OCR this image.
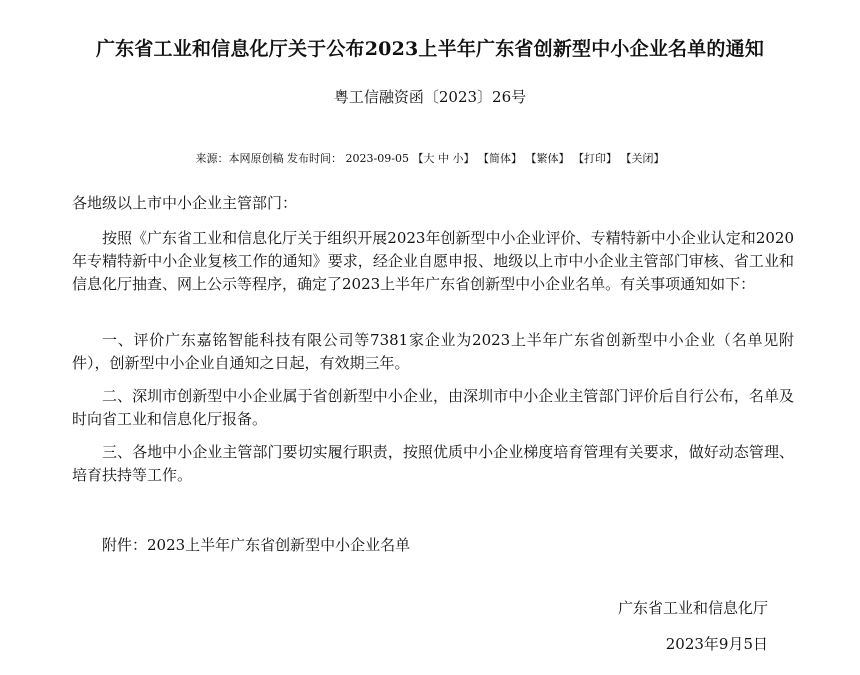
广东省工业和信息化厅关于公布2023上半年广东省创新型中小企业名单的通知
粤工信融资函〔2023〕26号
来源：本网原创稿 发布时间： 2023-09-05 【大 中 小】 【简体】 【繁体】 【打印】 【关闭】
各地级以上市中小企业主管部门：

按照《广东省工业和信息化厅关于组织开展2023年创新型中小企业评价、专精特新中小企业认定和2020年专精特新中小企业复核工作的通知》要求，经企业自愿申报、地级以上市中小企业主管部门审核、省工业和信息化厅抽查、网上公示等程序，确定了2023上半年广东省创新型中小企业名单。有关事项通知如下：

一、评价广东嘉铭智能科技有限公司等7381家企业为2023上半年广东省创新型中小企业（名单见附件），创新型中小企业自通知之日起，有效期三年。

二、深圳市创新型中小企业属于省创新型中小企业，由深圳市中小企业主管部门评价后自行公布，名单及时向省工业和信息化厅报备。

三、各地中小企业主管部门要切实履行职责，按照优质中小企业梯度培育管理有关要求，做好动态管理、培育扶持等工作。

附件：2023上半年广东省创新型中小企业名单
广东省工业和信息化厅
2023年9月5日
